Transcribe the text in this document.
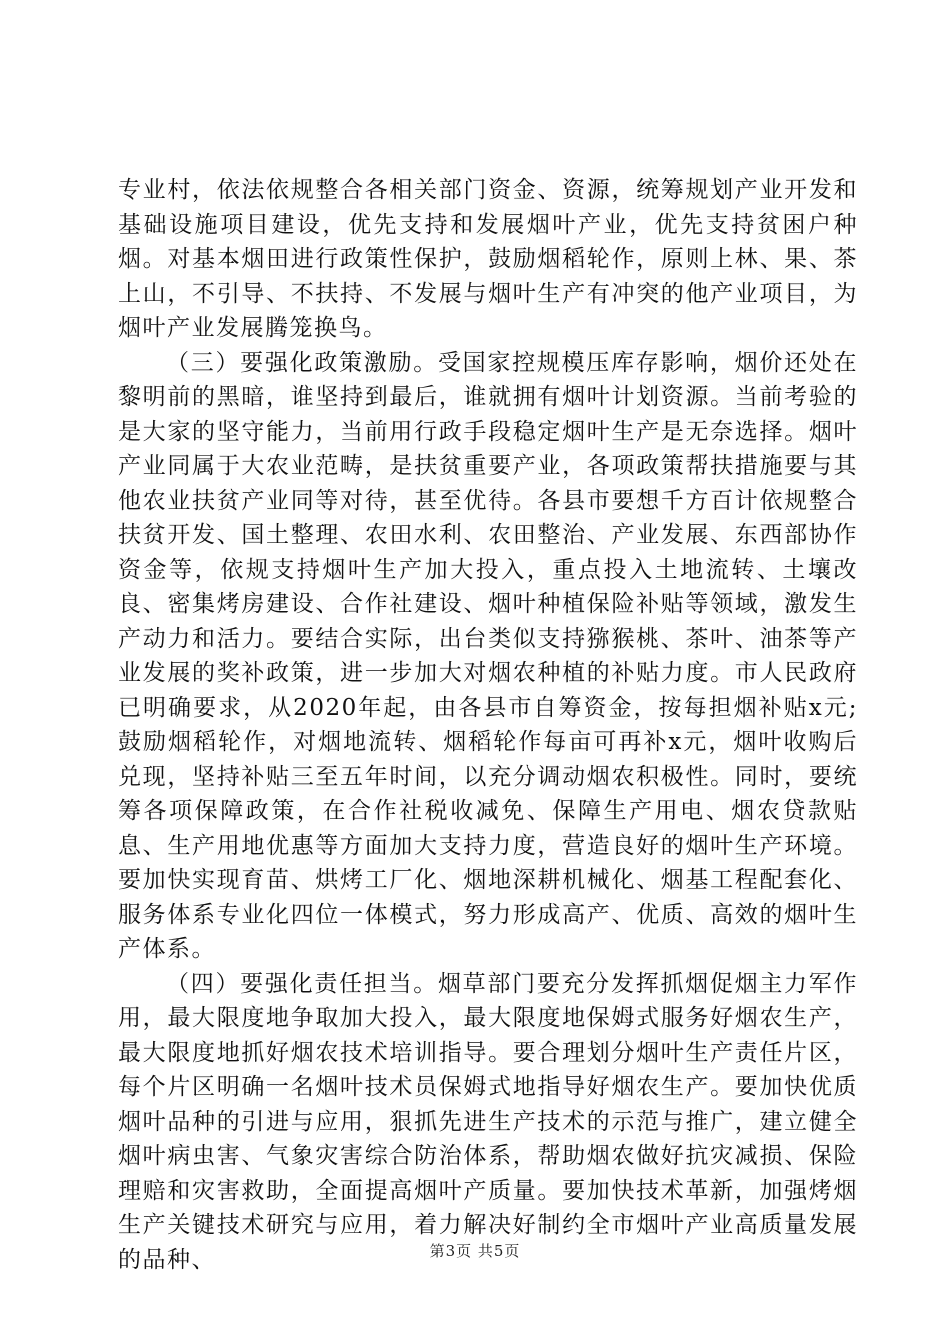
专业村，依法依规整合各相关部门资金、资源，统筹规划产业开发和基础设施项目建设，优先支持和发展烟叶产业，优先支持贫困户种烟。对基本烟田进行政策性保护，鼓励烟稻轮作，原则上林、果、茶上山，不引导、不扶持、不发展与烟叶生产有冲突的他产业项目，为烟叶产业发展腾笼换鸟。

（三）要强化政策激励。受国家控规模压库存影响，烟价还处在黎明前的黑暗，谁坚持到最后，谁就拥有烟叶计划资源。当前考验的是大家的坚守能力，当前用行政手段稳定烟叶生产是无奈选择。烟叶产业同属于大农业范畴，是扶贫重要产业，各项政策帮扶措施要与其他农业扶贫产业同等对待，甚至优待。各县市要想千方百计依规整合扶贫开发、国土整理、农田水利、农田整治、产业发展、东西部协作资金等，依规支持烟叶生产加大投入，重点投入土地流转、土壤改良、密集烤房建设、合作社建设、烟叶种植保险补贴等领域，激发生产动力和活力。要结合实际，出台类似支持猕猴桃、茶叶、油茶等产业发展的奖补政策，进一步加大对烟农种植的补贴力度。市人民政府已明确要求，从2020年起，由各县市自筹资金，按每担烟补贴x元;鼓励烟稻轮作，对烟地流转、烟稻轮作每亩可再补x元，烟叶收购后兑现，坚持补贴三至五年时间，以充分调动烟农积极性。同时，要统筹各项保障政策，在合作社税收减免、保障生产用电、烟农贷款贴息、生产用地优惠等方面加大支持力度，营造良好的烟叶生产环境。要加快实现育苗、烘烤工厂化、烟地深耕机械化、烟基工程配套化、服务体系专业化四位一体模式，努力形成高产、优质、高效的烟叶生产体系。

（四）要强化责任担当。烟草部门要充分发挥抓烟促烟主力军作用，最大限度地争取加大投入，最大限度地保姆式服务好烟农生产，最大限度地抓好烟农技术培训指导。要合理划分烟叶生产责任片区，每个片区明确一名烟叶技术员保姆式地指导好烟农生产。要加快优质烟叶品种的引进与应用，狠抓先进生产技术的示范与推广，建立健全烟叶病虫害、气象灾害综合防治体系，帮助烟农做好抗灾减损、保险理赔和灾害救助，全面提高烟叶产质量。要加快技术革新，加强烤烟生产关键技术研究与应用，着力解决好制约全市烟叶产业高质量发展的品种、	第3页 共5页
